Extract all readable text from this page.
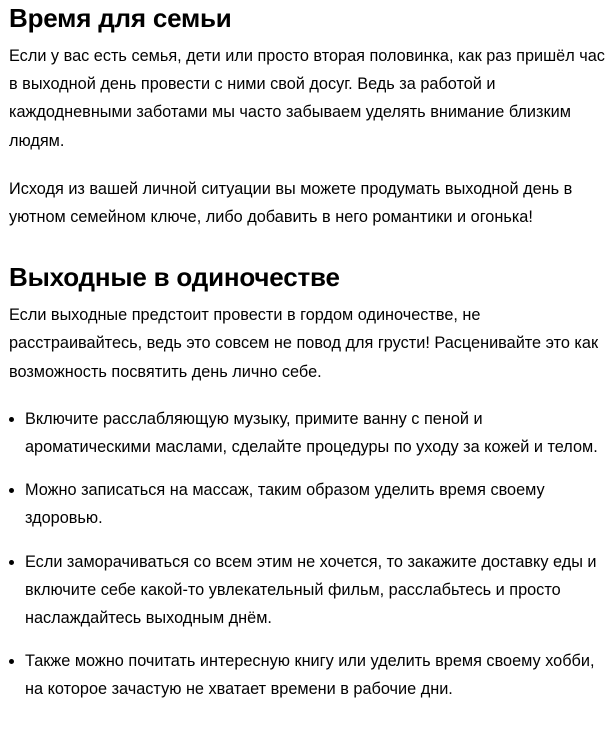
Время для семьи

Если у вас есть семья, дети или просто вторая половинка, как раз пришёл час в выходной день провести с ними свой досуг. Ведь за работой и каждодневными заботами мы часто забываем уделять внимание близким людям.

Исходя из вашей личной ситуации вы можете продумать выходной день в уютном семейном ключе, либо добавить в него романтики и огонька!

Выходные в одиночестве

Если выходные предстоит провести в гордом одиночестве, не расстраивайтесь, ведь это совсем не повод для грусти! Расценивайте это как возможность посвятить день лично себе.

Включите расслабляющую музыку, примите ванну с пеной и ароматическими маслами, сделайте процедуры по уходу за кожей и телом.
Можно записаться на массаж, таким образом уделить время своему здоровью.
Если заморачиваться со всем этим не хочется, то закажите доставку еды и включите себе какой-то увлекательный фильм, расслабьтесь и просто наслаждайтесь выходным днём.
Также можно почитать интересную книгу или уделить время своему хобби, на которое зачастую не хватает времени в рабочие дни.
